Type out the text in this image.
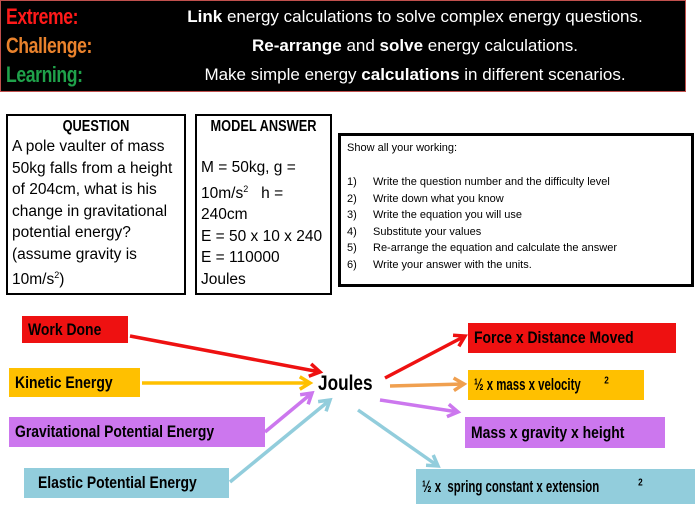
Extreme:	Link energy calculations to solve complex energy questions.
Challenge:	Re-arrange and solve energy calculations.
Learning:	Make simple energy calculations in different scenarios.
QUESTION
A pole vaulter of mass 50kg falls from a height of 204cm, what is his change in gravitational potential energy? (assume gravity is $10m/s^2$)
MODEL ANSWER
M = 50kg, g =
$10m/s^2$   h =
240cm
E = 50 x 10 x 240
E = 110000
Joules
Show all your working:
1)	Write the question number and the difficulty level
2)	Write down what you know
3)	Write the equation you will use
4)	Substitute your values
5)	Re-arrange the equation and calculate the answer
6)	Write your answer with the units.
Work Done
Kinetic Energy
Gravitational Potential Energy
Elastic Potential Energy
Joules
Force x Distance Moved
½ x mass x velocity $^2$
Mass x gravity x height
½ x  spring constant x extension	$^2$
